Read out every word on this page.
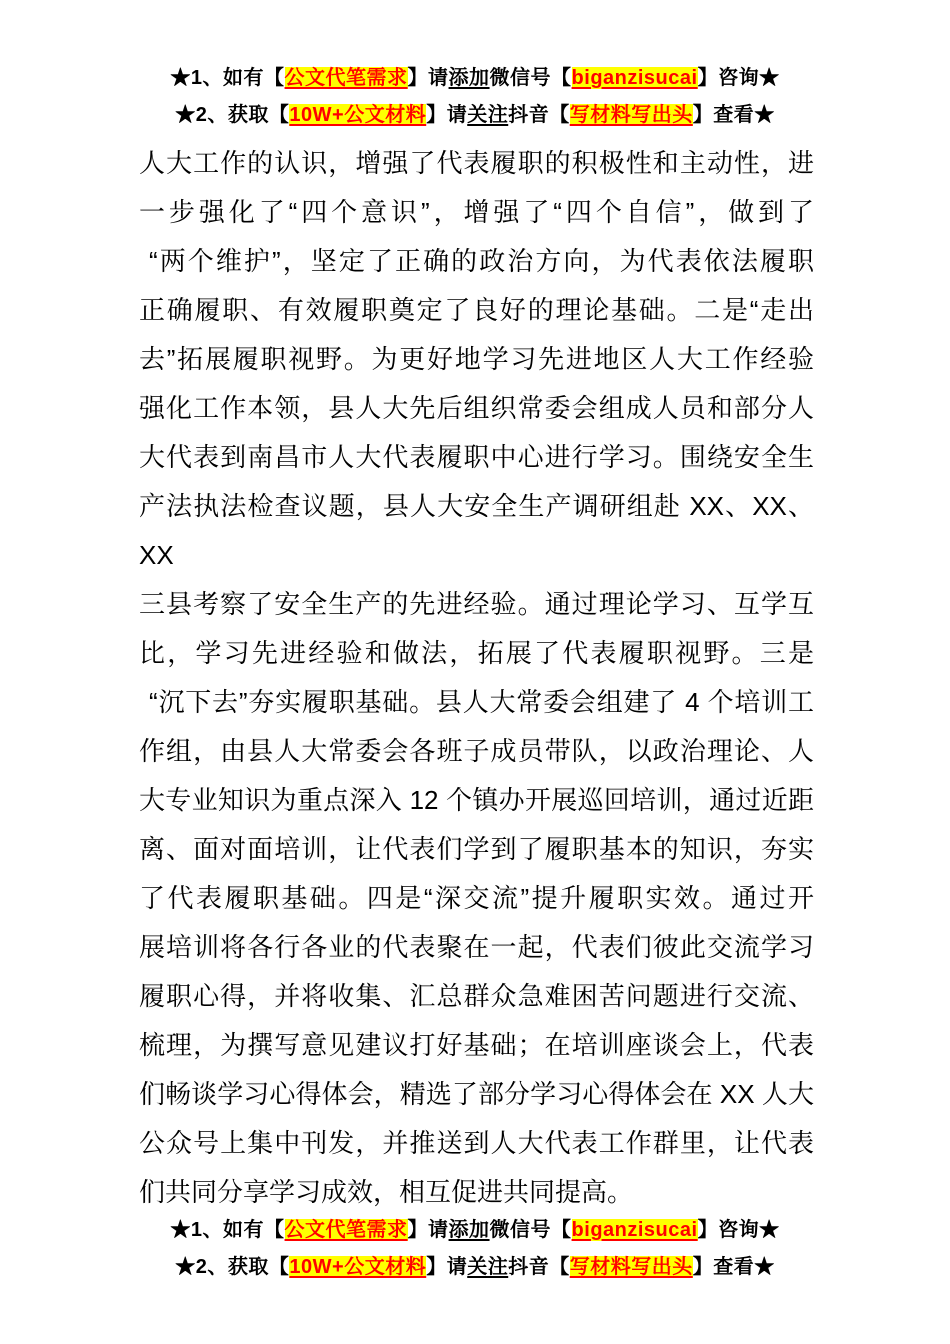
★1、如有【公文代笔需求】请添加微信号【biganzisucai】咨询★
★2、获取【10W+公文材料】请关注抖音【写材料写出头】查看★
人大工作的认识，增强了代表履职的积极性和主动性，进
一步强化了“四个意识”，增强了“四个自信”，做到了
“两个维护”，坚定了正确的政治方向，为代表依法履职
正确履职、有效履职奠定了良好的理论基础。二是“走出
去”拓展履职视野。为更好地学习先进地区人大工作经验
强化工作本领，县人大先后组织常委会组成人员和部分人
大代表到南昌市人大代表履职中心进行学习。围绕安全生
产法执法检查议题，县人大安全生产调研组赴 XX、XX、XX
三县考察了安全生产的先进经验。通过理论学习、互学互
比，学习先进经验和做法，拓展了代表履职视野。三是
“沉下去”夯实履职基础。县人大常委会组建了 4 个培训工
作组，由县人大常委会各班子成员带队，以政治理论、人
大专业知识为重点深入 12 个镇办开展巡回培训，通过近距
离、面对面培训，让代表们学到了履职基本的知识，夯实
了代表履职基础。四是“深交流”提升履职实效。通过开
展培训将各行各业的代表聚在一起，代表们彼此交流学习
履职心得，并将收集、汇总群众急难困苦问题进行交流、
梳理，为撰写意见建议打好基础；在培训座谈会上，代表
们畅谈学习心得体会，精选了部分学习心得体会在 XX 人大
公众号上集中刊发，并推送到人大代表工作群里，让代表
们共同分享学习成效，相互促进共同提高。
★1、如有【公文代笔需求】请添加微信号【biganzisucai】咨询★
★2、获取【10W+公文材料】请关注抖音【写材料写出头】查看★
